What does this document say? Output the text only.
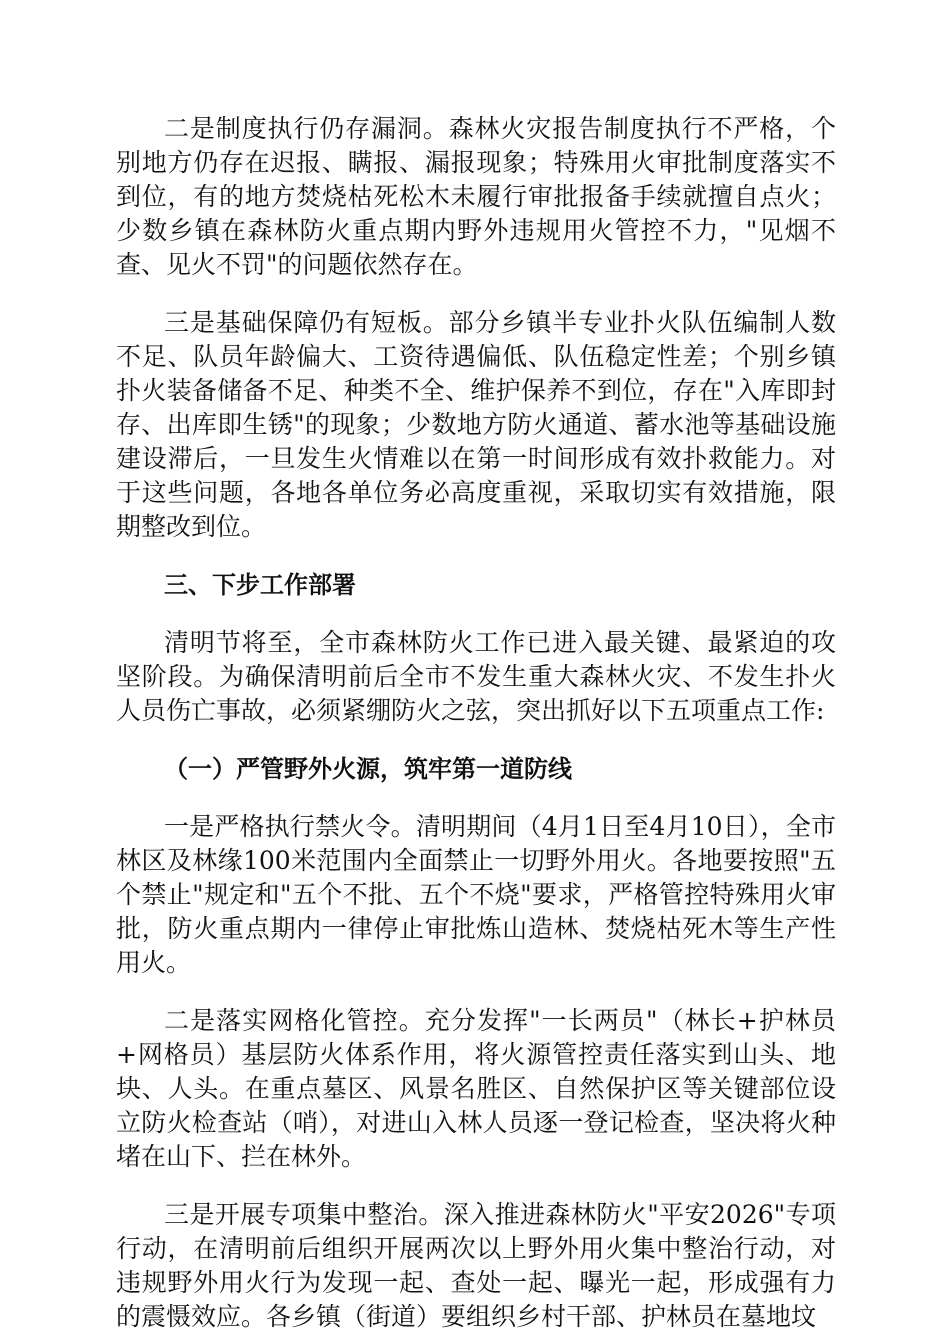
二是制度执行仍存漏洞。森林火灾报告制度执行不严格，个别地方仍存在迟报、瞒报、漏报现象；特殊用火审批制度落实不到位，有的地方焚烧枯死松木未履行审批报备手续就擅自点火；少数乡镇在森林防火重点期内野外违规用火管控不力，"见烟不查、见火不罚"的问题依然存在。

三是基础保障仍有短板。部分乡镇半专业扑火队伍编制人数不足、队员年龄偏大、工资待遇偏低、队伍稳定性差；个别乡镇扑火装备储备不足、种类不全、维护保养不到位，存在"入库即封存、出库即生锈"的现象；少数地方防火通道、蓄水池等基础设施建设滞后，一旦发生火情难以在第一时间形成有效扑救能力。对于这些问题，各地各单位务必高度重视，采取切实有效措施，限期整改到位。

三、下步工作部署

清明节将至，全市森林防火工作已进入最关键、最紧迫的攻坚阶段。为确保清明前后全市不发生重大森林火灾、不发生扑火人员伤亡事故，必须紧绷防火之弦，突出抓好以下五项重点工作:

（一）严管野外火源，筑牢第一道防线

一是严格执行禁火令。清明期间（4月1日至4月10日），全市林区及林缘100米范围内全面禁止一切野外用火。各地要按照"五个禁止"规定和"五个不批、五个不烧"要求，严格管控特殊用火审批，防火重点期内一律停止审批炼山造林、焚烧枯死木等生产性用火。

二是落实网格化管控。充分发挥"一长两员"（林长+护林员+网格员）基层防火体系作用，将火源管控责任落实到山头、地块、人头。在重点墓区、风景名胜区、自然保护区等关键部位设立防火检查站（哨），对进山入林人员逐一登记检查，坚决将火种堵在山下、拦在林外。

三是开展专项集中整治。深入推进森林防火"平安2026"专项行动，在清明前后组织开展两次以上野外用火集中整治行动，对违规野外用火行为发现一起、查处一起、曝光一起，形成强有力的震慑效应。各乡镇（街道）要组织乡村干部、护林员在墓地坟
